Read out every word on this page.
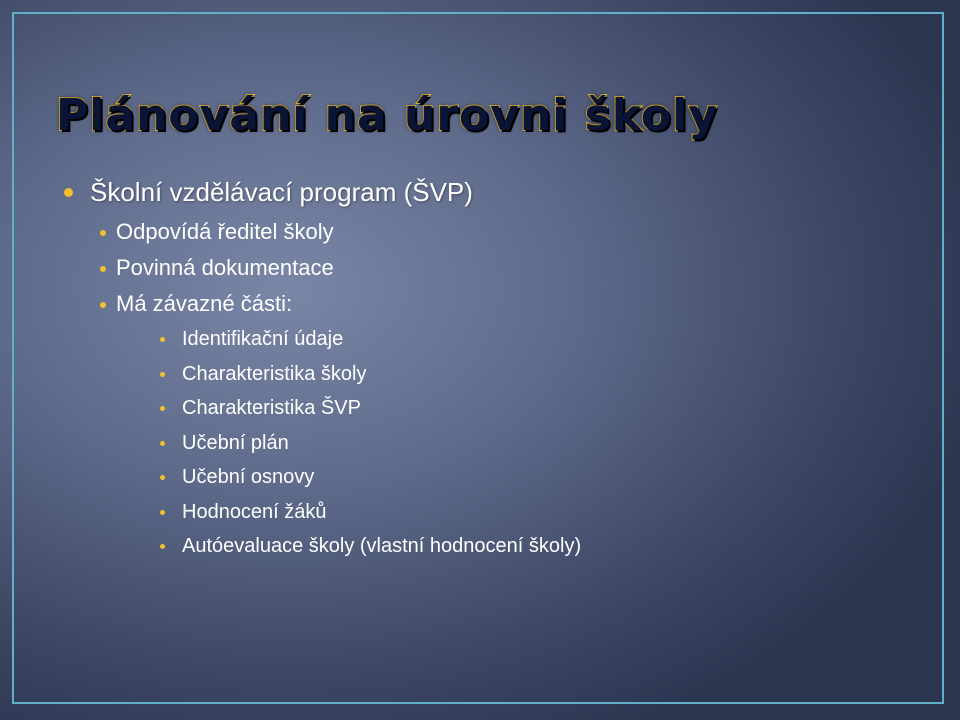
Plánování na úrovni školy
Školní vzdělávací program (ŠVP)
Odpovídá ředitel školy
Povinná dokumentace
Má závazné části:
Identifikační údaje
Charakteristika školy
Charakteristika ŠVP
Učební plán
Učební osnovy
Hodnocení žáků
Autóevaluace školy (vlastní hodnocení školy)
